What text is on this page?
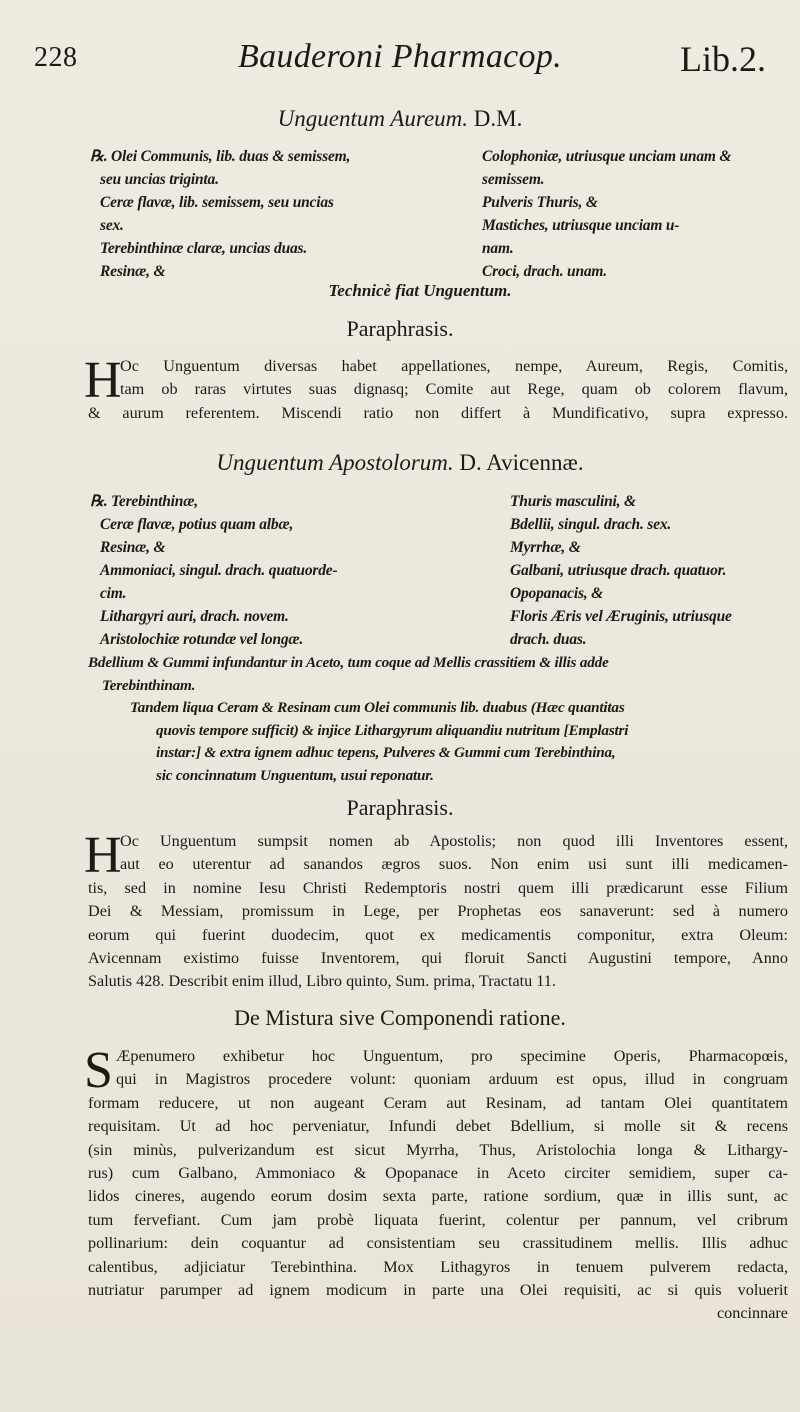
228	Bauderoni Pharmacop.	Lib.2.
Unguentum Aureum. D.M.
℞. Olei Communis, lib. duas & semissem,
seu uncias triginta.
Ceræ flavæ, lib. semissem, seu uncias
sex.
Terebinthinæ claræ, uncias duas.
Resinæ, &
Colophoniæ, utriusque unciam unam &
semissem.
Pulveris Thuris, &
Mastiches, utriusque unciam u-
nam.
Croci, drach. unam.
Technicè fiat Unguentum.
Paraphrasis.
H
Oc Unguentum diversas habet appellationes, nempe, Aureum, Regis, Comitis,
tam ob raras virtutes suas dignasq; Comite aut Rege, quam ob colorem flavum,
& aurum referentem. Miscendi ratio non differt à Mundificativo, supra expresso.
Unguentum Apostolorum. D. Avicennæ.
℞. Terebinthinæ,
Ceræ flavæ, potius quam albæ,
Resinæ, &
Ammoniaci, singul. drach. quatuorde-
cim.
Lithargyri auri, drach. novem.
Aristolochiæ rotundæ vel longæ.
Thuris masculini, &
Bdellii, singul. drach. sex.
Myrrhæ, &
Galbani, utriusque drach. quatuor.
Opopanacis, &
Floris Æris vel Æruginis, utriusque
drach. duas.
Bdellium & Gummi infundantur in Aceto, tum coque ad Mellis crassitiem & illis adde
Terebinthinam.
Tandem liqua Ceram & Resinam cum Olei communis lib. duabus (Hæc quantitas
quovis tempore sufficit) & injice Lithargyrum aliquandiu nutritum [Emplastri
instar:] & extra ignem adhuc tepens, Pulveres & Gummi cum Terebinthina,
sic concinnatum Unguentum, usui reponatur.
Paraphrasis.
H
Oc Unguentum sumpsit nomen ab Apostolis; non quod illi Inventores essent,
aut eo uterentur ad sanandos ægros suos. Non enim usi sunt illi medicamen-
tis, sed in nomine Iesu Christi Redemptoris nostri quem illi prædicarunt esse Filium
Dei & Messiam, promissum in Lege, per Prophetas eos sanaverunt: sed à numero
eorum qui fuerint duodecim, quot ex medicamentis componitur, extra Oleum:
Avicennam existimo fuisse Inventorem, qui floruit Sancti Augustini tempore, Anno
Salutis 428. Describit enim illud, Libro quinto, Sum. prima, Tractatu 11.
De Mistura sive Componendi ratione.
S Æpenumero exhibetur hoc Unguentum, pro specimine Operis, Pharmacopœis,
qui in Magistros procedere volunt: quoniam arduum est opus, illud in congruam
formam reducere, ut non augeant Ceram aut Resinam, ad tantam Olei quantitatem
requisitam. Ut ad hoc perveniatur, Infundi debet Bdellium, si molle sit & recens
(sin minùs, pulverizandum est sicut Myrrha, Thus, Aristolochia longa & Lithargy-
rus) cum Galbano, Ammoniaco & Opopanace in Aceto circiter semidiem, super ca-
lidos cineres, augendo eorum dosim sexta parte, ratione sordium, quæ in illis sunt, ac
tum fervefiant. Cum jam probè liquata fuerint, colentur per pannum, vel cribrum
pollinarium: dein coquantur ad consistentiam seu crassitudinem mellis. Illis adhuc
calentibus, adjiciatur Terebinthina. Mox Lithagyros in tenuem pulverem redacta,
nutriatur parumper ad ignem modicum in parte una Olei requisiti, ac si quis voluerit
concinnare
